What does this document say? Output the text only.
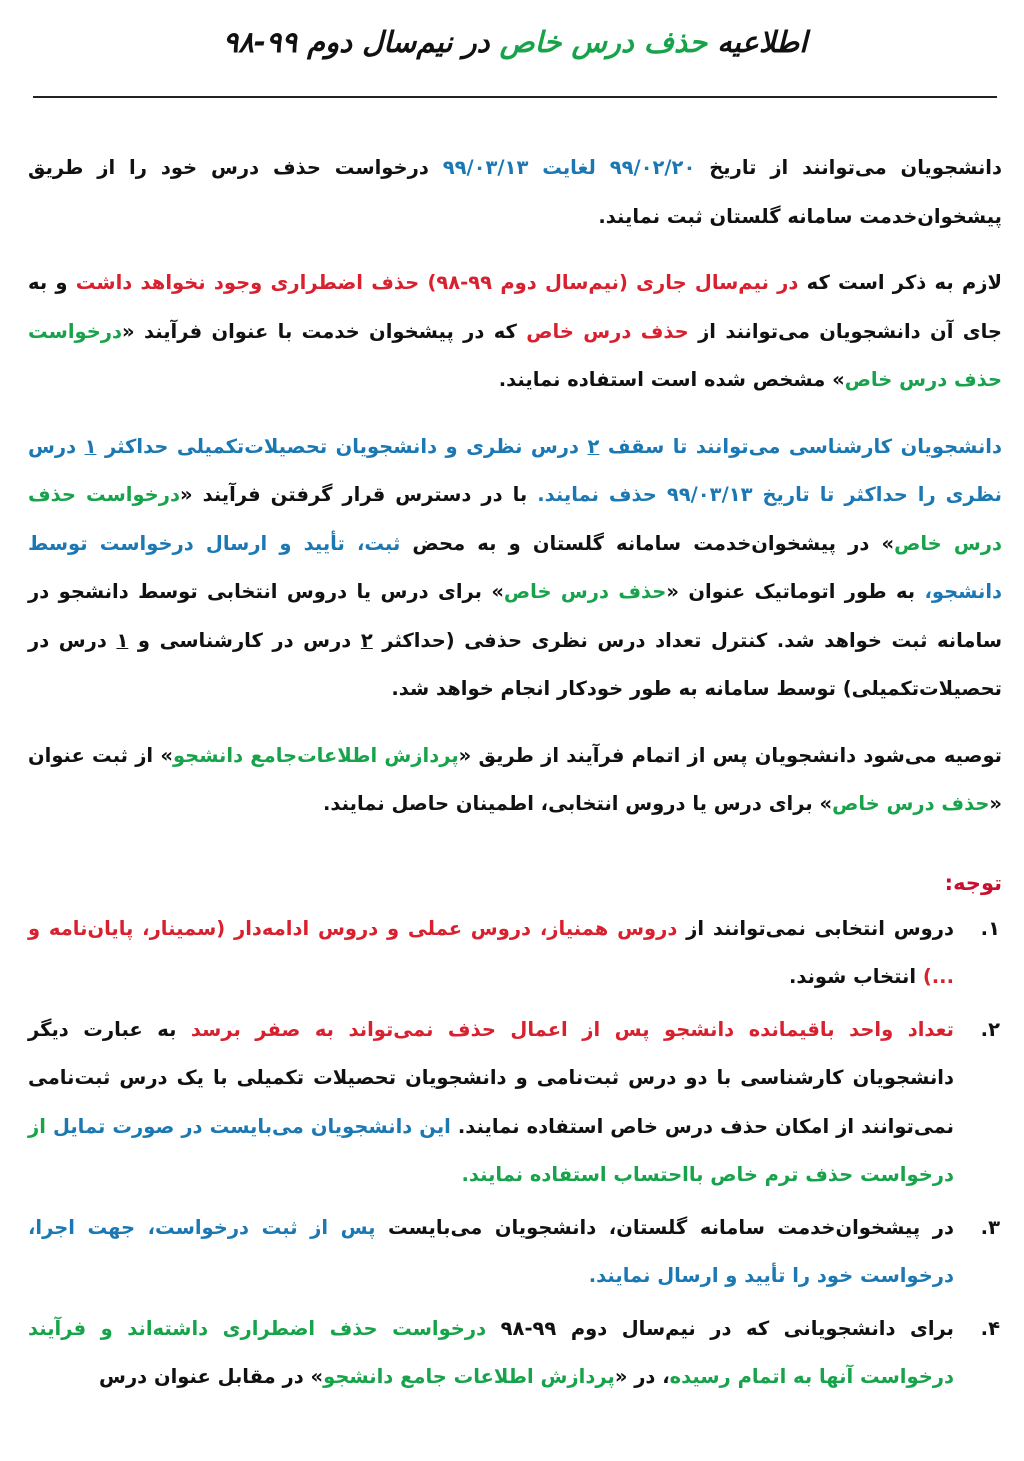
اطلاعیه حذف درس خاص در نیم‌سال دوم ۹۹-۹۸

دانشجویان می‌توانند از تاریخ ۹۹/۰۲/۲۰ لغایت ۹۹/۰۳/۱۳ درخواست حذف درس خود را از طریق پیشخوان‌خدمت سامانه گلستان ثبت نمایند.

لازم به ذکر است که در نیم‌سال جاری (نیم‌سال دوم ۹۹-۹۸) حذف اضطراری وجود نخواهد داشت و به جای آن دانشجویان می‌توانند از حذف درس خاص که در پیشخوان خدمت با عنوان فرآیند «درخواست حذف درس خاص» مشخص شده است استفاده نمایند.

دانشجویان کارشناسی می‌توانند تا سقف ۲ درس نظری و دانشجویان تحصیلات‌تکمیلی حداکثر ۱ درس نظری را حداکثر تا تاریخ ۹۹/۰۳/۱۳ حذف نمایند. با در دسترس قرار گرفتن فرآیند «درخواست حذف درس خاص» در پیشخوان‌خدمت سامانه گلستان و به محض ثبت، تأیید و ارسال درخواست توسط دانشجو، به طور اتوماتیک عنوان «حذف درس خاص» برای درس یا دروس انتخابی توسط دانشجو در سامانه ثبت خواهد شد. کنترل تعداد درس نظری حذفی (حداکثر ۲ درس در کارشناسی و ۱ درس در تحصیلات‌تکمیلی) توسط سامانه به طور خودکار انجام خواهد شد.

توصیه می‌شود دانشجویان پس از اتمام فرآیند از طریق «پردازش اطلاعات‌جامع دانشجو» از ثبت عنوان «حذف درس خاص» برای درس یا دروس انتخابی، اطمینان حاصل نمایند.

توجه:

۱.
دروس انتخابی نمی‌توانند از دروس همنیاز، دروس عملی و دروس ادامه‌دار (سمینار، پایان‌نامه و ...) انتخاب شوند.
۲.
تعداد واحد باقیمانده دانشجو پس از اعمال حذف نمی‌تواند به صفر برسد به عبارت دیگر دانشجویان کارشناسی با دو درس ثبت‌نامی و دانشجویان تحصیلات تکمیلی با یک درس ثبت‌نامی نمی‌توانند از امکان حذف درس خاص استفاده نمایند. این دانشجویان می‌بایست در صورت تمایل از درخواست حذف ترم خاص بااحتساب استفاده نمایند.
۳.
در پیشخوان‌خدمت سامانه گلستان، دانشجویان می‌بایست پس از ثبت درخواست، جهت اجرا، درخواست خود را تأیید و ارسال نمایند.
۴.
برای دانشجویانی که در نیم‌سال دوم ۹۹-۹۸ درخواست حذف اضطراری داشته‌اند و فرآیند درخواست آنها به اتمام رسیده، در «پردازش اطلاعات جامع دانشجو» در مقابل عنوان درس
